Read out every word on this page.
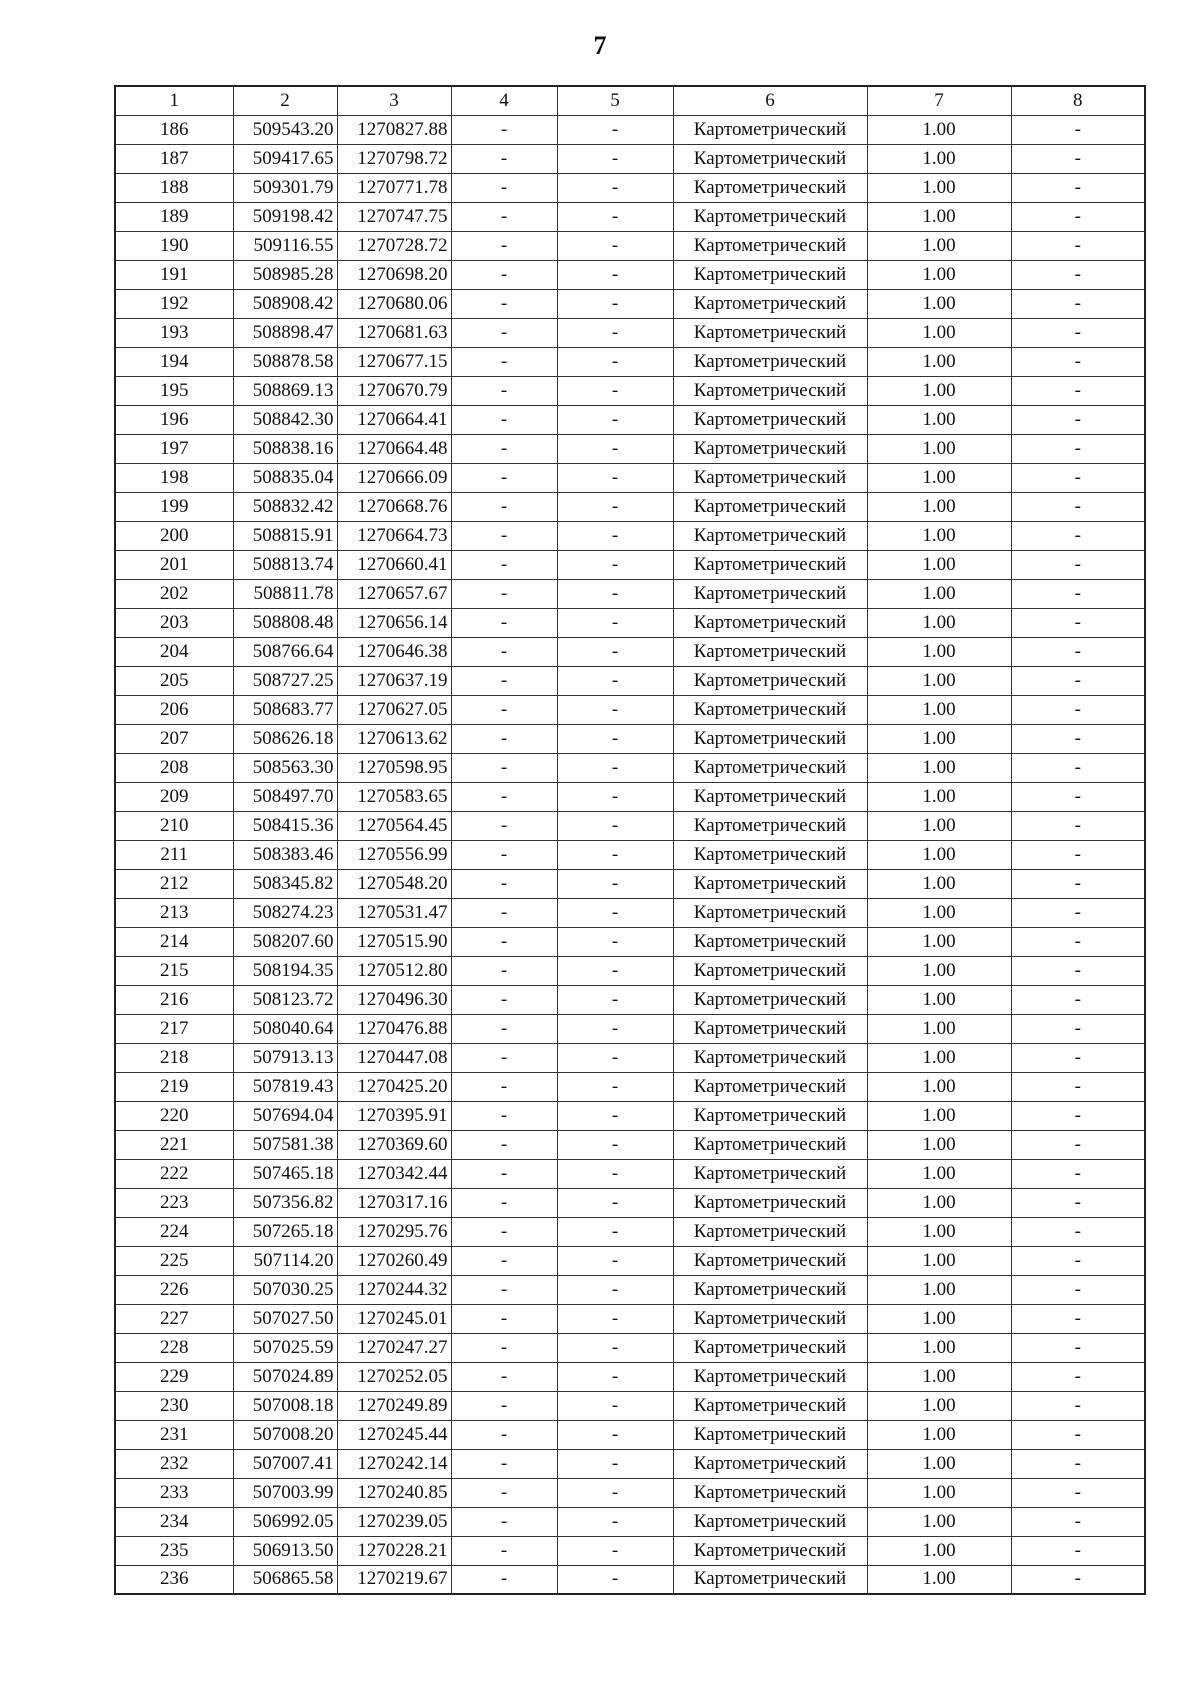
7
1	2	3	4	5	6	7	8
186	509543.20	1270827.88	-	-	Картометрический	1.00	-
187	509417.65	1270798.72	-	-	Картометрический	1.00	-
188	509301.79	1270771.78	-	-	Картометрический	1.00	-
189	509198.42	1270747.75	-	-	Картометрический	1.00	-
190	509116.55	1270728.72	-	-	Картометрический	1.00	-
191	508985.28	1270698.20	-	-	Картометрический	1.00	-
192	508908.42	1270680.06	-	-	Картометрический	1.00	-
193	508898.47	1270681.63	-	-	Картометрический	1.00	-
194	508878.58	1270677.15	-	-	Картометрический	1.00	-
195	508869.13	1270670.79	-	-	Картометрический	1.00	-
196	508842.30	1270664.41	-	-	Картометрический	1.00	-
197	508838.16	1270664.48	-	-	Картометрический	1.00	-
198	508835.04	1270666.09	-	-	Картометрический	1.00	-
199	508832.42	1270668.76	-	-	Картометрический	1.00	-
200	508815.91	1270664.73	-	-	Картометрический	1.00	-
201	508813.74	1270660.41	-	-	Картометрический	1.00	-
202	508811.78	1270657.67	-	-	Картометрический	1.00	-
203	508808.48	1270656.14	-	-	Картометрический	1.00	-
204	508766.64	1270646.38	-	-	Картометрический	1.00	-
205	508727.25	1270637.19	-	-	Картометрический	1.00	-
206	508683.77	1270627.05	-	-	Картометрический	1.00	-
207	508626.18	1270613.62	-	-	Картометрический	1.00	-
208	508563.30	1270598.95	-	-	Картометрический	1.00	-
209	508497.70	1270583.65	-	-	Картометрический	1.00	-
210	508415.36	1270564.45	-	-	Картометрический	1.00	-
211	508383.46	1270556.99	-	-	Картометрический	1.00	-
212	508345.82	1270548.20	-	-	Картометрический	1.00	-
213	508274.23	1270531.47	-	-	Картометрический	1.00	-
214	508207.60	1270515.90	-	-	Картометрический	1.00	-
215	508194.35	1270512.80	-	-	Картометрический	1.00	-
216	508123.72	1270496.30	-	-	Картометрический	1.00	-
217	508040.64	1270476.88	-	-	Картометрический	1.00	-
218	507913.13	1270447.08	-	-	Картометрический	1.00	-
219	507819.43	1270425.20	-	-	Картометрический	1.00	-
220	507694.04	1270395.91	-	-	Картометрический	1.00	-
221	507581.38	1270369.60	-	-	Картометрический	1.00	-
222	507465.18	1270342.44	-	-	Картометрический	1.00	-
223	507356.82	1270317.16	-	-	Картометрический	1.00	-
224	507265.18	1270295.76	-	-	Картометрический	1.00	-
225	507114.20	1270260.49	-	-	Картометрический	1.00	-
226	507030.25	1270244.32	-	-	Картометрический	1.00	-
227	507027.50	1270245.01	-	-	Картометрический	1.00	-
228	507025.59	1270247.27	-	-	Картометрический	1.00	-
229	507024.89	1270252.05	-	-	Картометрический	1.00	-
230	507008.18	1270249.89	-	-	Картометрический	1.00	-
231	507008.20	1270245.44	-	-	Картометрический	1.00	-
232	507007.41	1270242.14	-	-	Картометрический	1.00	-
233	507003.99	1270240.85	-	-	Картометрический	1.00	-
234	506992.05	1270239.05	-	-	Картометрический	1.00	-
235	506913.50	1270228.21	-	-	Картометрический	1.00	-
236	506865.58	1270219.67	-	-	Картометрический	1.00	-
